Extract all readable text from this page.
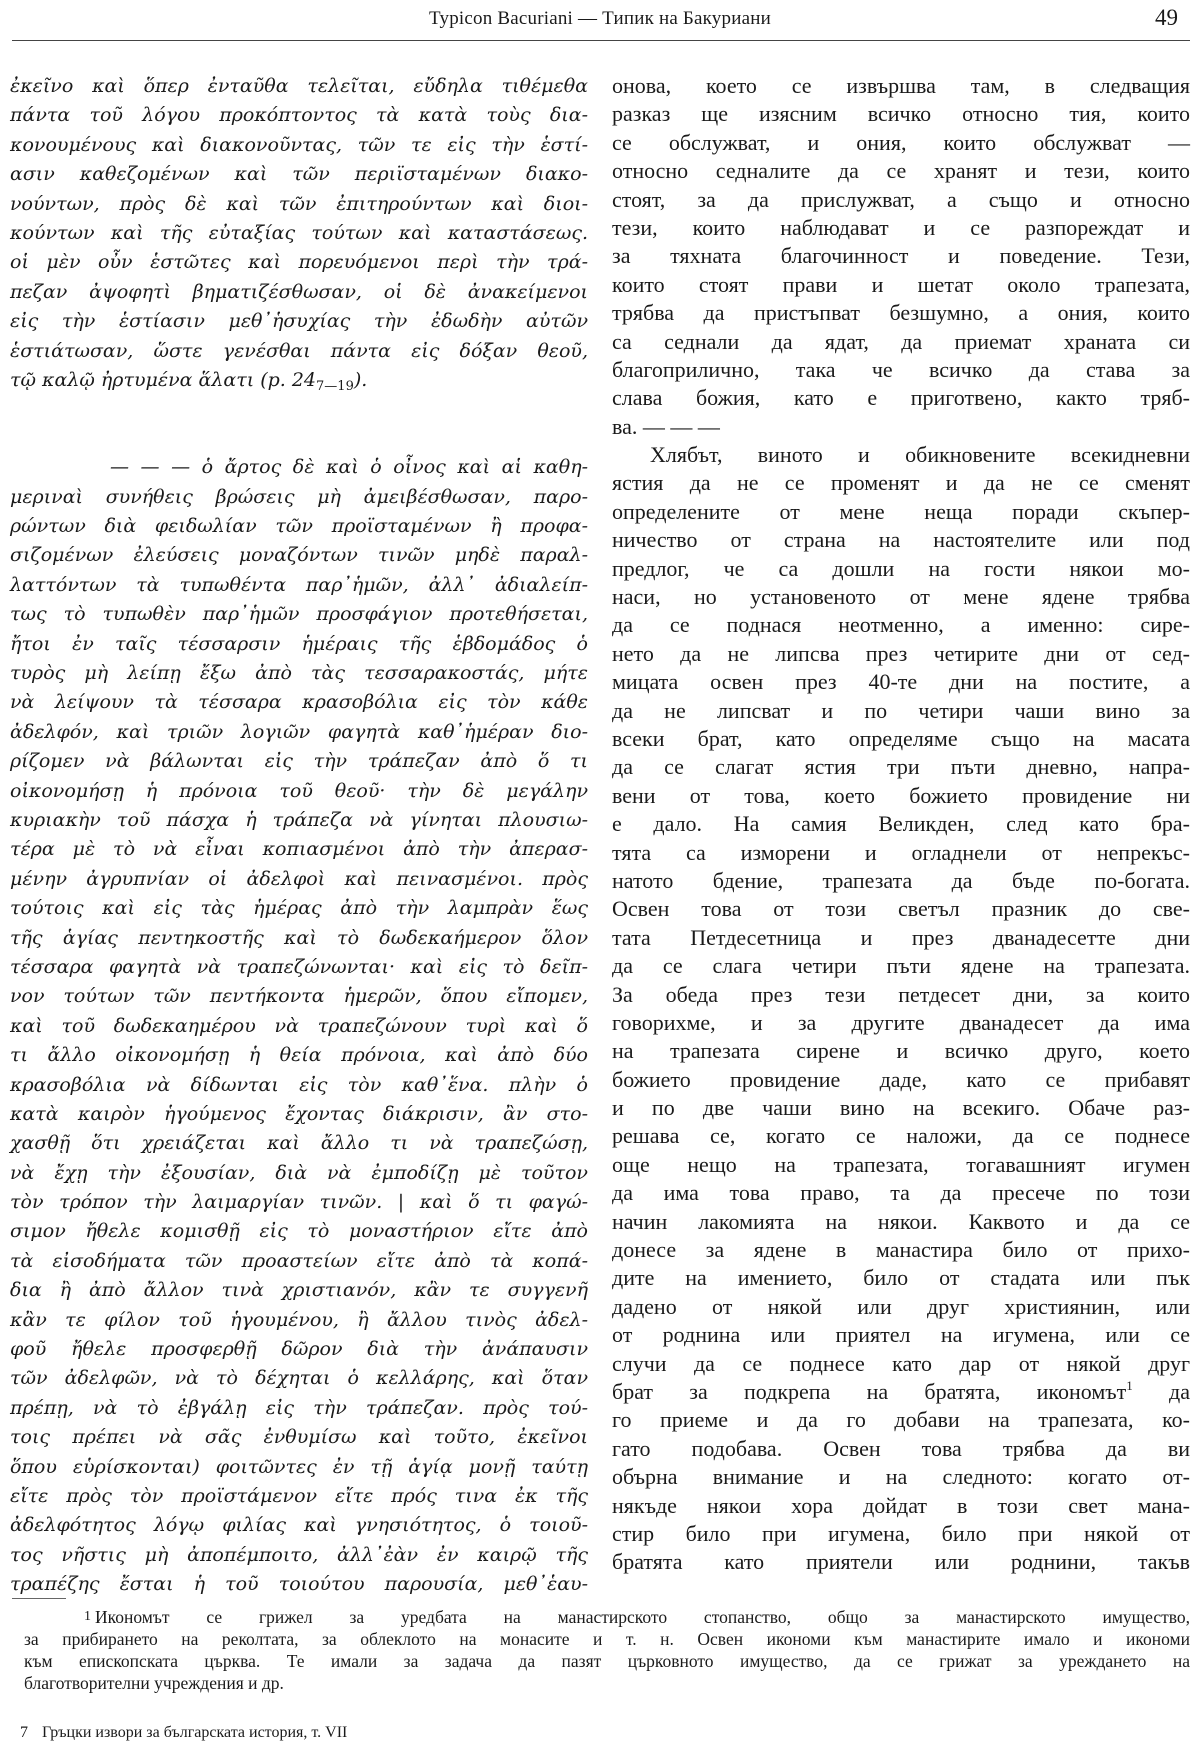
Typicon Bacuriani — Типик на Бакуриани	49
ἐκεῖνο καὶ ὅπερ ἐνταῦθα τελεῖται, εὔδηλα τιθέμεθα
πάντα τοῦ λόγου προκόπτοντος τὰ κατὰ τοὺς δια-
κονουμένους καὶ διακονοῦντας, τῶν τε εἰς τὴν ἑστί-
ασιν καθεζομένων καὶ τῶν περιϊσταμένων διακο-
νούντων, πρὸς δὲ καὶ τῶν ἐπιτηρούντων καὶ διοι-
κούντων καὶ τῆς εὐταξίας τούτων καὶ καταστάσεως.
οἱ μὲν οὖν ἑστῶτες καὶ πορευόμενοι περὶ τὴν τρά-
πεζαν ἀψοφητὶ βηματιζέσθωσαν, οἱ δὲ ἀνακείμενοι
εἰς τὴν ἑστίασιν μεθ᾽ἡσυχίας τὴν ἐδωδὴν αὐτῶν
ἑστιάτωσαν, ὥστε γενέσθαι πάντα εἰς δόξαν θεοῦ,
τῷ καλῷ ἠρτυμένα ἅλατι (p. $24_{7—19}$).
— — — ὁ ἄρτος δὲ καὶ ὁ οἶνος καὶ αἱ καθη-
μεριναὶ συνήθεις βρώσεις μὴ ἀμειβέσθωσαν, παρο-
ρώντων διὰ φειδωλίαν τῶν προϊσταμένων ἢ προφα-
σιζομένων ἐλεύσεις μοναζόντων τινῶν μηδὲ παραλ-
λαττόντων τὰ τυπωθέντα παρ᾽ἡμῶν, ἀλλ᾽ ἀδιαλείπ-
τως τὸ τυπωθὲν παρ᾽ἡμῶν προσφάγιον προτεθήσεται,
ἤτοι ἐν ταῖς τέσσαρσιν ἡμέραις τῆς ἑβδομάδος ὁ
τυρὸς μὴ λείπῃ ἔξω ἀπὸ τὰς τεσσαρακοστάς, μήτε
νὰ λείψουν τὰ τέσσαρα κρασοβόλια εἰς τὸν κάθε
ἀδελφόν, καὶ τριῶν λογιῶν φαγητὰ καθ᾽ἡμέραν διο-
ρίζομεν νὰ βάλωνται εἰς τὴν τράπεζαν ἀπὸ ὅ τι
οἰκονομήσῃ ἡ πρόνοια τοῦ θεοῦ· τὴν δὲ μεγάλην
κυριακὴν τοῦ πάσχα ἡ τράπεζα νὰ γίνηται πλουσιω-
τέρα μὲ τὸ νὰ εἶναι κοπιασμένοι ἀπὸ τὴν ἀπερασ-
μένην ἀγρυπνίαν οἱ ἀδελφοὶ καὶ πεινασμένοι. πρὸς
τούτοις καὶ εἰς τὰς ἡμέρας ἀπὸ τὴν λαμπρὰν ἕως
τῆς ἁγίας πεντηκοστῆς καὶ τὸ δωδεκαήμερον ὅλον
τέσσαρα φαγητὰ νὰ τραπεζώνωνται· καὶ εἰς τὸ δεῖπ-
νον τούτων τῶν πεντήκοντα ἡμερῶν, ὅπου εἴπομεν,
καὶ τοῦ δωδεκαημέρου νὰ τραπεζώνουν τυρὶ καὶ ὅ
τι ἄλλο οἰκονομήσῃ ἡ θεία πρόνοια, καὶ ἀπὸ δύο
κρασοβόλια νὰ δίδωνται εἰς τὸν καθ᾽ἕνα. πλὴν ὁ
κατὰ καιρὸν ἡγούμενος ἔχοντας διάκρισιν, ἂν στο-
χασθῇ ὅτι χρειάζεται καὶ ἄλλο τι νὰ τραπεζώσῃ,
νὰ ἔχῃ τὴν ἐξουσίαν, διὰ νὰ ἐμποδίζῃ μὲ τοῦτον
τὸν τρόπον τὴν λαιμαργίαν τινῶν. | καὶ ὅ τι φαγώ-
σιμον ἤθελε κομισθῇ εἰς τὸ μοναστήριον εἴτε ἀπὸ
τὰ εἰσοδήματα τῶν προαστείων εἴτε ἀπὸ τὰ κοπά-
δια ἢ ἀπὸ ἄλλον τινὰ χριστιανόν, κἂν τε συγγενῆ
κἂν τε φίλον τοῦ ἡγουμένου, ἢ ἄλλου τινὸς ἀδελ-
φοῦ ἤθελε προσφερθῇ δῶρον διὰ τὴν ἀνάπαυσιν
τῶν ἀδελφῶν, νὰ τὸ δέχηται ὁ κελλάρης, καὶ ὅταν
πρέπῃ, νὰ τὸ ἐβγάλῃ εἰς τὴν τράπεζαν. πρὸς τού-
τοις πρέπει νὰ σᾶς ἐνθυμίσω καὶ τοῦτο, ἐκεῖνοι
ὅπου εὑρίσκονται) φοιτῶντες ἐν τῇ ἁγίᾳ μονῇ ταύτῃ
εἴτε πρὸς τὸν προϊστάμενον εἴτε πρός τινα ἐκ τῆς
ἀδελφότητος λόγῳ φιλίας καὶ γνησιότητος, ὁ τοιοῦ-
τος νῆστις μὴ ἀποπέμποιτο, ἀλλ᾽ἐὰν ἐν καιρῷ τῆς
τραπέζης ἔσται ἡ τοῦ τοιούτου παρουσία, μεθ᾽ἑαυ-
онова, което се извършва там, в следващия
разказ ще изясним всичко относно тия, които
се обслужват, и ония, които обслужват —
относно седналите да се хранят и тези, които
стоят, за да прислужват, а също и относно
тези, които наблюдават и се разпореждат и
за тяхната благочинност и поведение. Тези,
които стоят прави и шетат около трапезата,
трябва да пристъпват безшумно, а ония, които
са седнали да ядат, да приемат храната си
благоприлично, така че всичко да става за
слава божия, като е приготвено, както тряб-
ва. — — —
Хлябът, виното и обикновените всекидневни
ястия да не се променят и да не се сменят
определените от мене неща поради скъпер-
ничество от страна на настоятелите или под
предлог, че са дошли на гости някои мо-
наси, но установеното от мене ядене трябва
да се поднася неотменно, а именно: сире-
нето да не липсва през четирите дни от сед-
мицата освен през 40-те дни на постите, а
да не липсват и по четири чаши вино за
всеки брат, като определяме също на масата
да се слагат ястия три пъти дневно, напра-
вени от това, което божието провидение ни
е дало. На самия Великден, след като бра-
тята са изморени и огладнели от непрекъс-
натото бдение, трапезата да бъде по-богата.
Освен това от този светъл празник до све-
тата Петдесетница и през дванадесетте дни
да се слага четири пъти ядене на трапезата.
За обеда през тези петдесет дни, за които
говорихме, и за другите дванадесет да има
на трапезата сирене и всичко друго, което
божието провидение даде, като се прибавят
и по две чаши вино на всекиго. Обаче раз-
решава се, когато се наложи, да се поднесе
още нещо на трапезата, тогавашният игумен
да има това право, та да пресече по този
начин лакомията на някои. Каквото и да се
донесе за ядене в манастира било от прихо-
дите на имението, било от стадата или пък
дадено от някой или друг християнин, или
от роднина или приятел на игумена, или се
случи да се поднесе като дар от някой друг
брат за подкрепа на братята, икономът$^1$ да
го приеме и да го добави на трапезата, ко-
гато подобава. Освен това трябва да ви
обърна внимание и на следното: когато от-
някъде някои хора дойдат в този свет мана-
стир било при игумена, било при някой от
братята като приятели или роднини, такъв
1 Икономът се грижел за уредбата на манастирското стопанство, общо за манастирското имущество,
за прибирането на реколтата, за облеклото на монасите и т. н. Освен икономи към манастирите имало и икономи
към епископската църква. Те имали за задача да пазят църковното имущество, да се грижат за уреждането на
благотворителни учреждения и др.
7 Гръцки извори за българската история, т. VII
